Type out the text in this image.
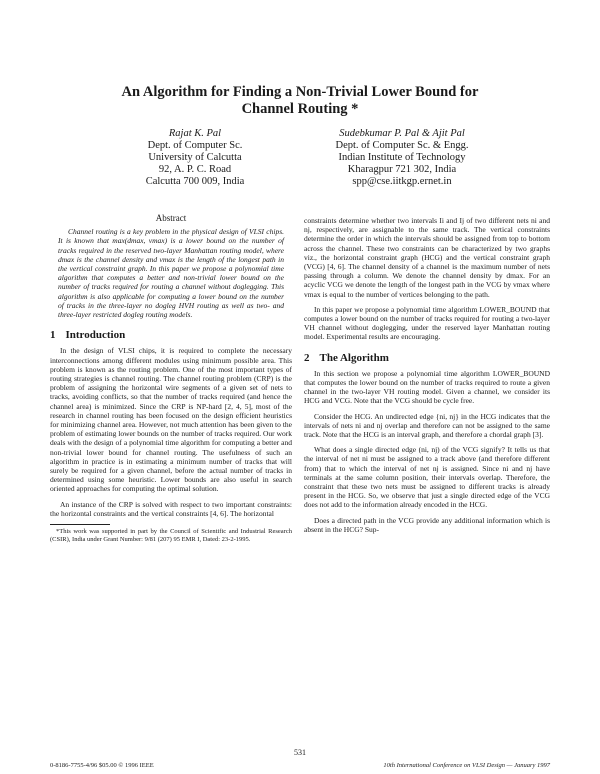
An Algorithm for Finding a Non-Trivial Lower Bound for
Channel Routing *
Rajat K. Pal
Dept. of Computer Sc.
University of Calcutta
92, A. P. C. Road
Calcutta 700 009, India
Sudebkumar P. Pal & Ajit Pal
Dept. of Computer Sc. & Engg.
Indian Institute of Technology
Kharagpur 721 302, India
spp@cse.iitkgp.ernet.in
Abstract

Channel routing is a key problem in the physical design of VLSI chips. It is known that max(dmax, vmax) is a lower bound on the number of tracks required in the reserved two-layer Manhattan routing model, where dmax is the channel density and vmax is the length of the longest path in the vertical constraint graph. In this paper we propose a polynomial time algorithm that computes a better and non-trivial lower bound on the number of tracks required for routing a channel without doglegging. This algorithm is also applicable for computing a lower bound on the number of tracks in the three-layer no dogleg HVH routing as well as two- and three-layer restricted dogleg routing models.

1 Introduction

In the design of VLSI chips, it is required to complete the necessary interconnections among different modules using minimum possible area. This problem is known as the routing problem. One of the most important types of routing strategies is channel routing. The channel routing problem (CRP) is the problem of assigning the horizontal wire segments of a given set of nets to tracks, avoiding conflicts, so that the number of tracks required (and hence the channel area) is minimized. Since the CRP is NP-hard [2, 4, 5], most of the research in channel routing has been focused on the design efficient heuristics for minimizing channel area. However, not much attention has been given to the problem of estimating lower bounds on the number of tracks required. Our work deals with the design of a polynomial time algorithm for computing a better and non-trivial lower bound for channel routing. The usefulness of such an algorithm in practice is in estimating a minimum number of tracks that will surely be required for a given channel, before the actual number of tracks in determined using some heuristic. Lower bounds are also useful in search oriented approaches for computing the optimal solution.

An instance of the CRP is solved with respect to two important constraints: the horizontal constraints and the vertical constraints [4, 6]. The horizontal

*This work was supported in part by the Council of Scientific and Industrial Research (CSIR), India under Grant Number: 9/81 (207) 95 EMR I, Dated: 23-2-1995.

constraints determine whether two intervals Ii and Ij of two different nets ni and nj, respectively, are assignable to the same track. The vertical constraints determine the order in which the intervals should be assigned from top to bottom across the channel. These two constraints can be characterized by two graphs viz., the horizontal constraint graph (HCG) and the vertical constraint graph (VCG) [4, 6]. The channel density of a channel is the maximum number of nets passing through a column. We denote the channel density by dmax. For an acyclic VCG we denote the length of the longest path in the VCG by vmax where vmax is equal to the number of vertices belonging to the path.

In this paper we propose a polynomial time algorithm LOWER_BOUND that computes a lower bound on the number of tracks required for routing a two-layer VH channel without doglegging, under the reserved layer Manhattan routing model. Experimental results are encouraging.

2 The Algorithm

In this section we propose a polynomial time algorithm LOWER_BOUND that computes the lower bound on the number of tracks required to route a given channel in the two-layer VH routing model. Given a channel, we consider its HCG and VCG. Note that the VCG should be cycle free.

Consider the HCG. An undirected edge {ni, nj} in the HCG indicates that the intervals of nets ni and nj overlap and therefore can not be assigned to the same track. Note that the HCG is an interval graph, and therefore a chordal graph [3].

What does a single directed edge (ni, nj) of the VCG signify? It tells us that the interval of net ni must be assigned to a track above (and therefore different from) that to which the interval of net nj is assigned. Since ni and nj have terminals at the same column position, their intervals overlap. Therefore, the constraint that these two nets must be assigned to different tracks is already present in the HCG. So, we observe that just a single directed edge of the VCG does not add to the information already encoded in the HCG.

Does a directed path in the VCG provide any additional information which is absent in the HCG? Sup-

531
0-8186-7755-4/96 $05.00 © 1996 IEEE	10th International Conference on VLSI Design — January 1997
